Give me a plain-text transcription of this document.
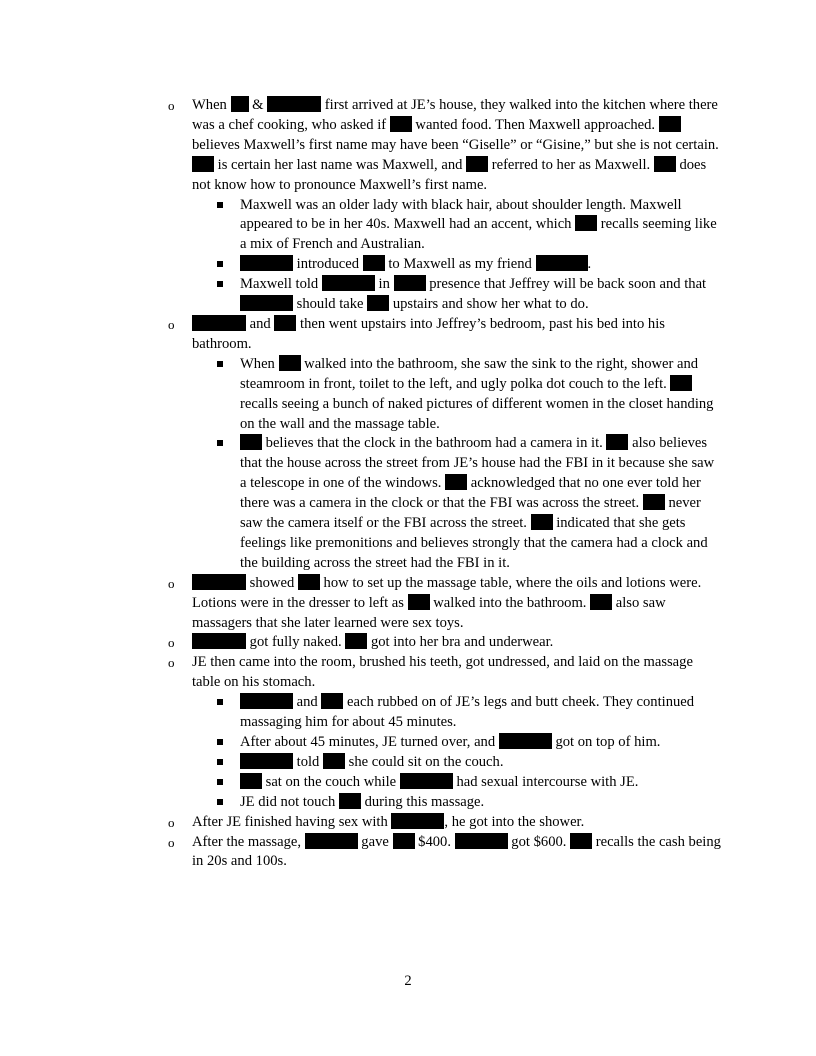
o When  &	first arrived at JE’s house, they walked into the kitchen where there was a chef cooking, who asked if  wanted food. Then Maxwell approached.  believes Maxwell’s first name may have been “Giselle” or “Gisine,” but she is not certain.  is certain her last name was Maxwell, and  referred to her as Maxwell.  does not know how to pronounce Maxwell’s first name.
Maxwell was an older lady with black hair, about shoulder length. Maxwell appeared to be in her 40s. Maxwell had an accent, which  recalls seeming like a mix of French and Australian.
introduced  to Maxwell as my friend	.
Maxwell told	in  presence that Jeffrey will be back soon and that  should take  upstairs and show her what to do.
o	and  then went upstairs into Jeffrey’s bedroom, past his bed into his bathroom.
When  walked into the bathroom, she saw the sink to the right, shower and steamroom in front, toilet to the left, and ugly polka dot couch to the left.  recalls seeing a bunch of naked pictures of different women in the closet handing on the wall and the massage table.
believes that the clock in the bathroom had a camera in it.  also believes that the house across the street from JE’s house had the FBI in it because she saw a telescope in one of the windows.  acknowledged that no one ever told her there was a camera in the clock or that the FBI was across the street.  never saw the camera itself or the FBI across the street.  indicated that she gets feelings like premonitions and believes strongly that the camera had a clock and the building across the street had the FBI in it.
o	showed  how to set up the massage table, where the oils and lotions were. Lotions were in the dresser to left as  walked into the bathroom.  also saw massagers that she later learned were sex toys.
o	got fully naked.  got into her bra and underwear.
o JE then came into the room, brushed his teeth, got undressed, and laid on the massage table on his stomach.
and  each rubbed on of JE’s legs and butt cheek. They continued massaging him for about 45 minutes.
After about 45 minutes, JE turned over, and	got on top of him.
told  she could sit on the couch.
sat on the couch while	had sexual intercourse with JE.
JE did not touch  during this massage.
o After JE finished having sex with	, he got into the shower.
o After the massage,	gave  $400.	got $600.  recalls the cash being in 20s and 100s.
2
